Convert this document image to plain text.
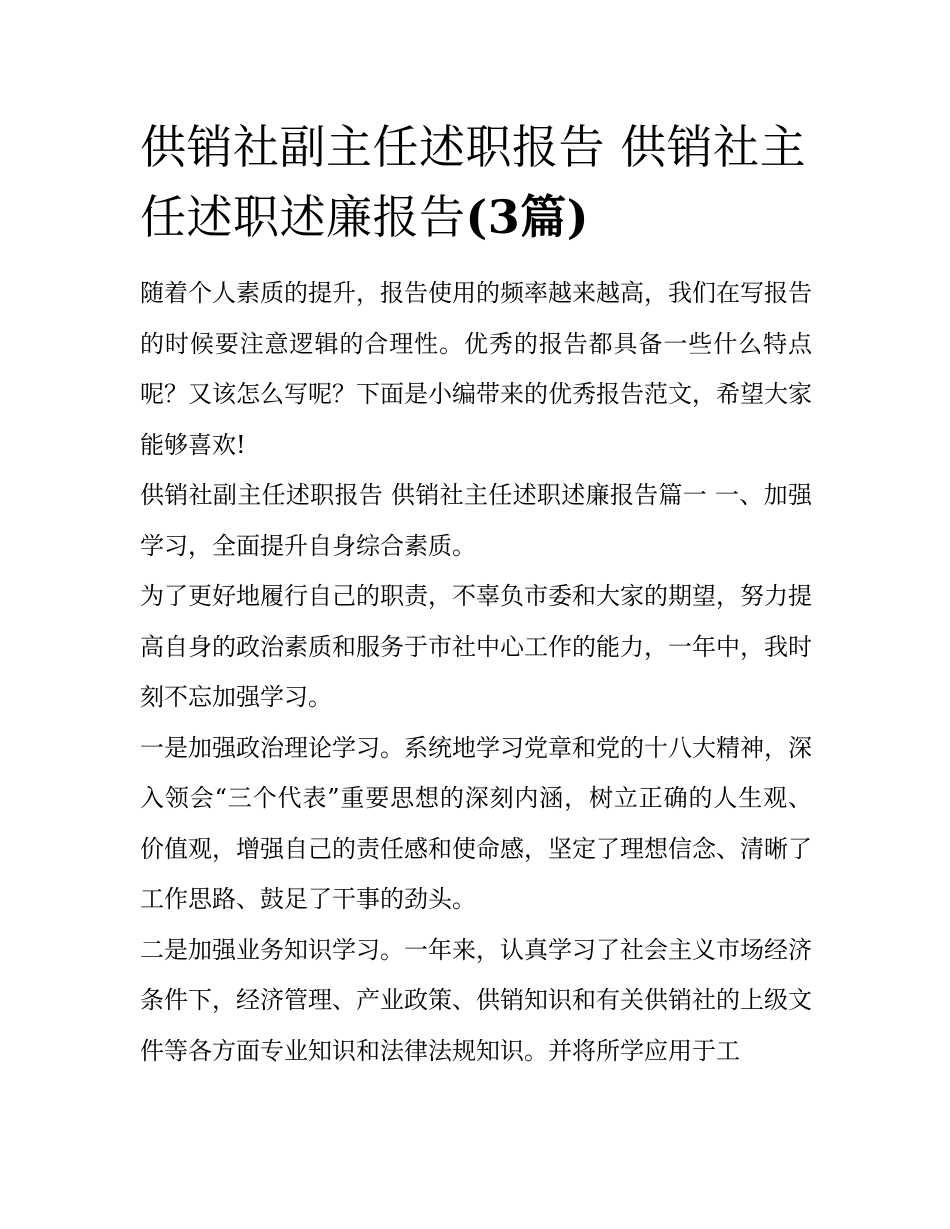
供销社副主任述职报告 供销社主任述职述廉报告(3篇)

随着个人素质的提升，报告使用的频率越来越高，我们在写报告的时候要注意逻辑的合理性。优秀的报告都具备一些什么特点呢？又该怎么写呢？下面是小编带来的优秀报告范文，希望大家能够喜欢!

供销社副主任述职报告 供销社主任述职述廉报告篇一 一、加强学习，全面提升自身综合素质。

为了更好地履行自己的职责，不辜负市委和大家的期望，努力提高自身的政治素质和服务于市社中心工作的能力，一年中，我时刻不忘加强学习。

一是加强政治理论学习。系统地学习党章和党的十八大精神，深入领会“三个代表”重要思想的深刻内涵，树立正确的人生观、价值观，增强自己的责任感和使命感，坚定了理想信念、清晰了工作思路、鼓足了干事的劲头。

二是加强业务知识学习。一年来，认真学习了社会主义市场经济条件下，经济管理、产业政策、供销知识和有关供销社的上级文件等各方面专业知识和法律法规知识。并将所学应用于工
